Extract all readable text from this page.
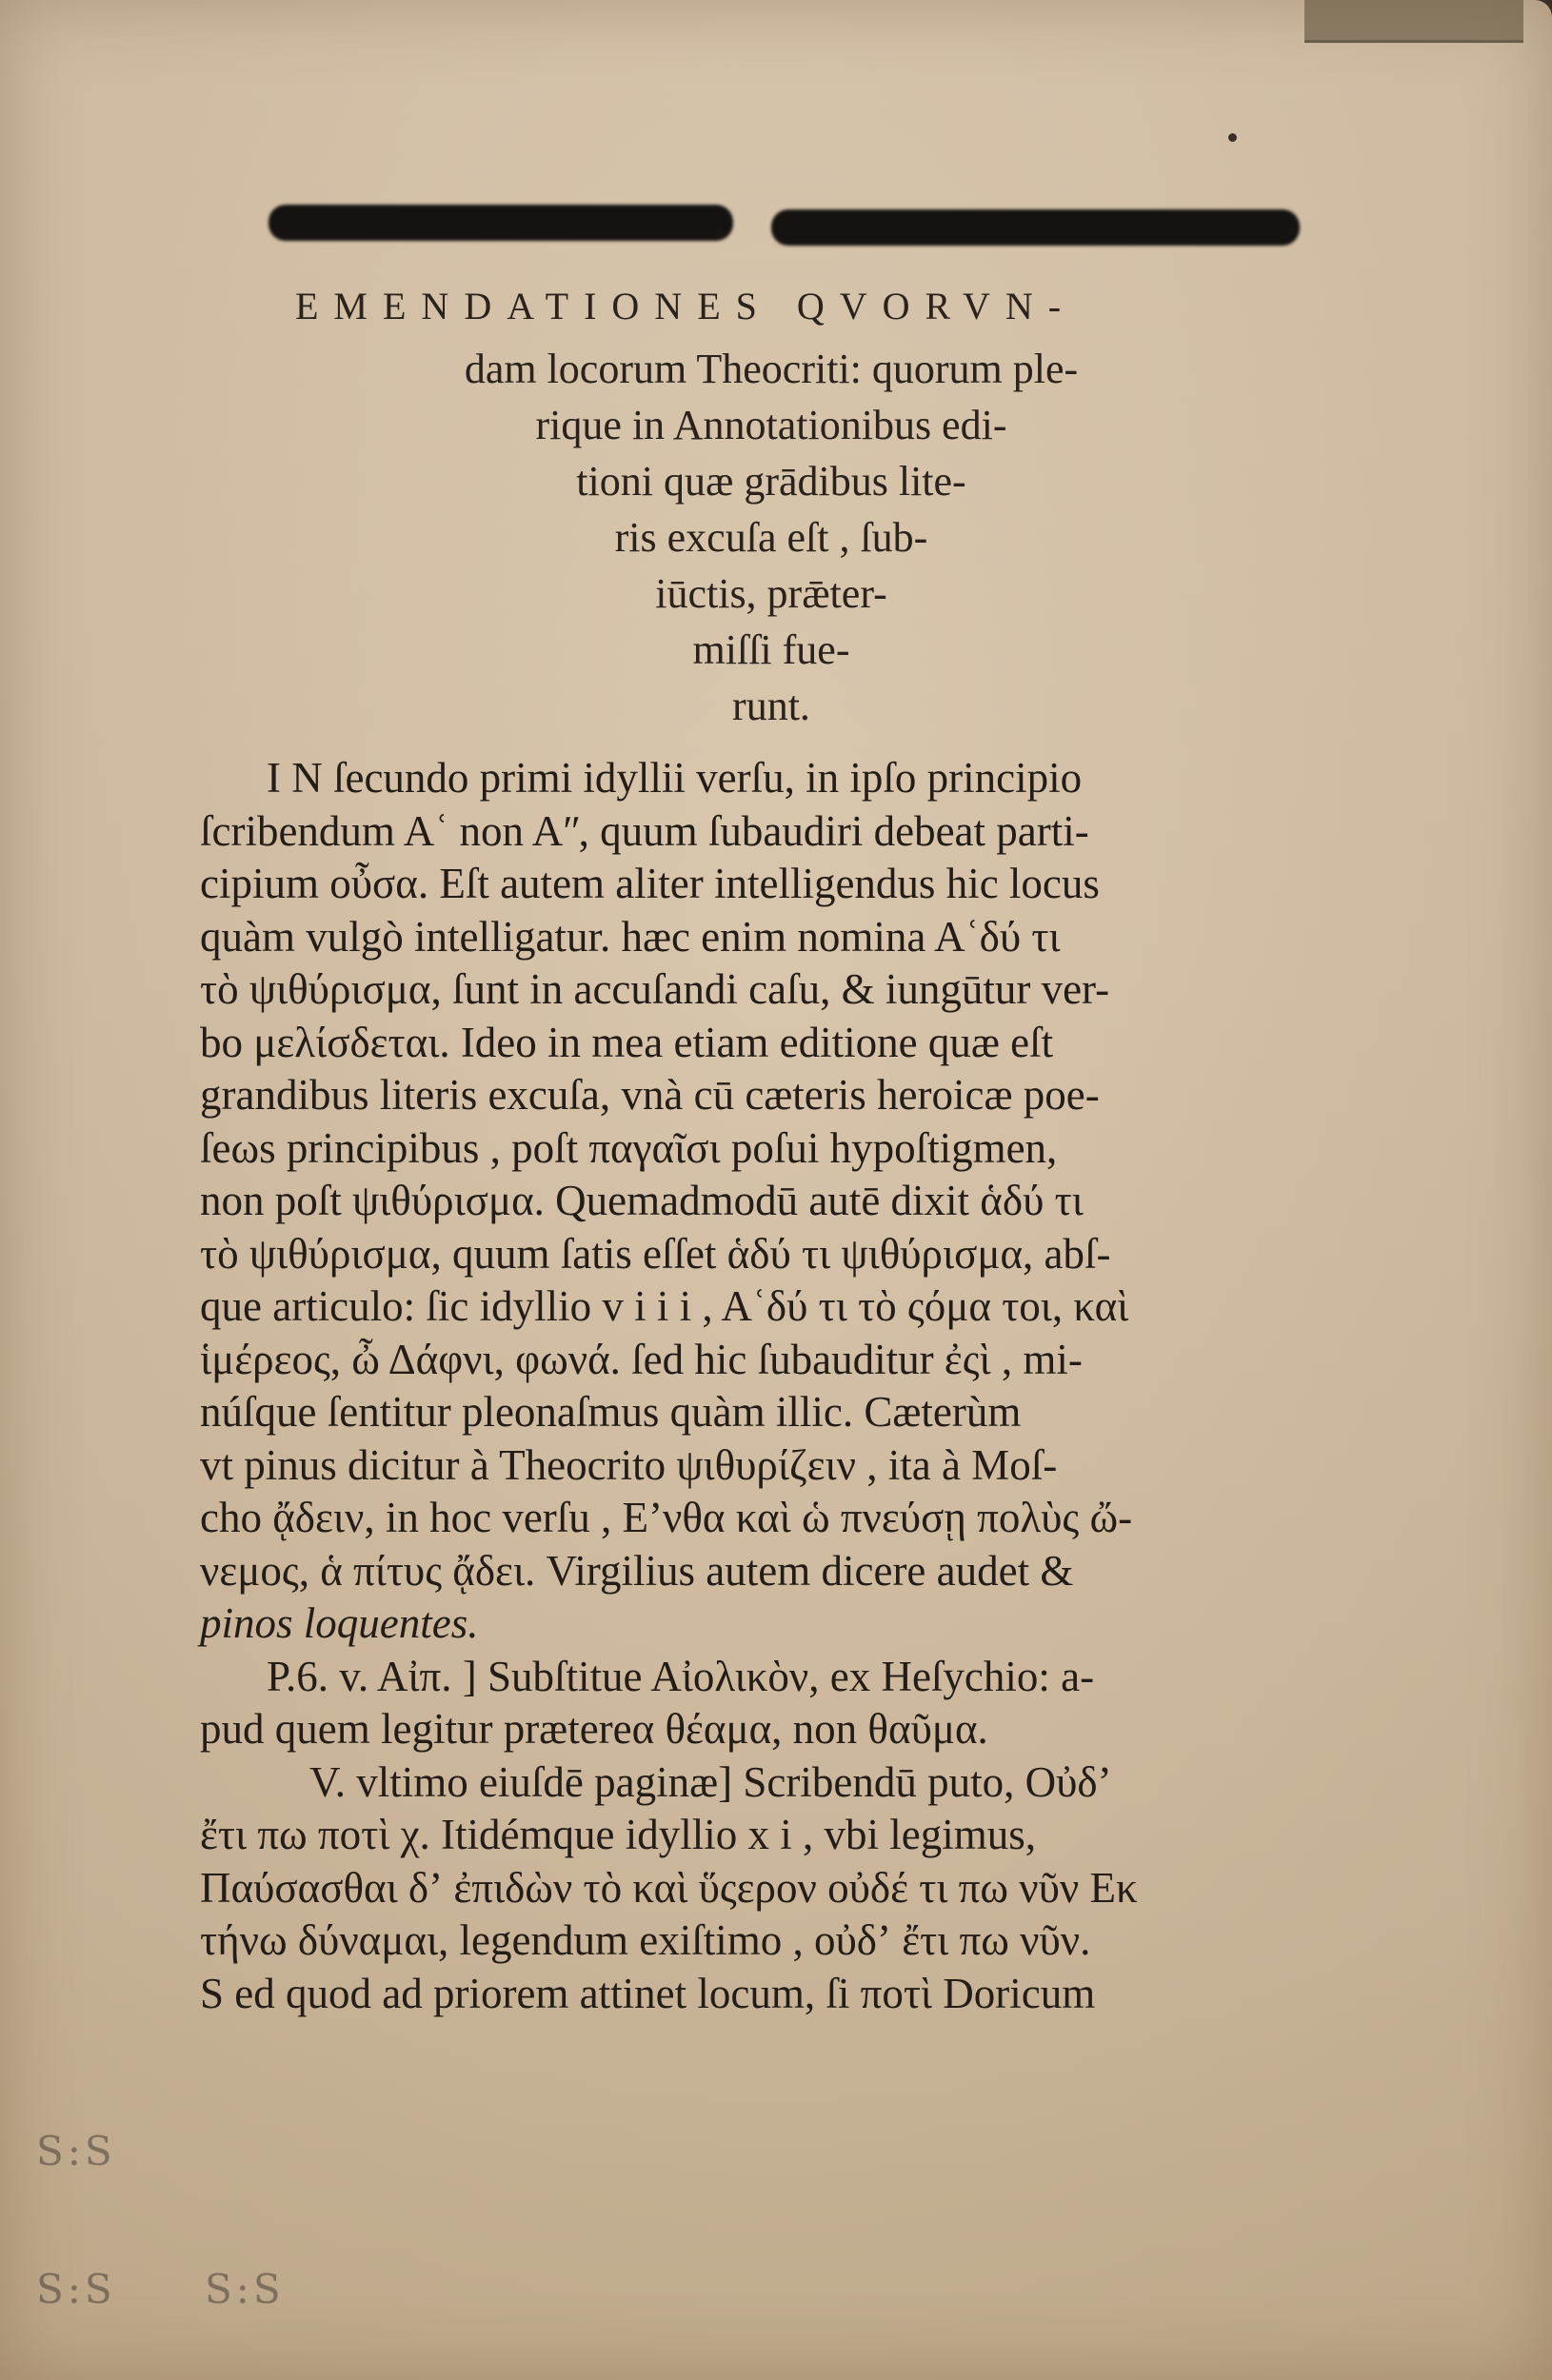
EMENDATIONES QVORVN-
dam locorum Theocriti: quorum ple-
rique in Annotationibus edi-
tioni quæ grādibus lite-
ris excuſa eſt , ſub-
iūctis, prǣter-
miſſi fue-
runt.
I N ſecundo primi idyllii verſu, in ipſo principio
ſcribendum Aʿ non Aʺ, quum ſubaudiri debeat parti-
cipium οὖσα. Eſt autem aliter intelligendus hic locus
quàm vulgò intelligatur. hæc enim nomina Aʿδύ τι
τὸ ψιθύρισμα, ſunt in accuſandi caſu, & iungūtur ver-
bo μελίσδεται. Ideo in mea etiam editione quæ eſt
grandibus literis excuſa, vnà cū cæteris heroicæ poe-
ſeωs principibus , poſt παγαῖσι poſui hypoſtigmen,
non poſt ψιθύρισμα. Quemadmodū autē dixit ἁδύ τι
τὸ ψιθύρισμα, quum ſatis eſſet ἁδύ τι ψιθύρισμα, abſ-
que articulo: ſic idyllio v i i i , Aʿδύ τι τὸ ςόμα τοι, καὶ
ἱμέρεος, ὦ Δάφνι, φωνά. ſed hic ſubauditur ἐςὶ , mi-
núſque ſentitur pleonaſmus quàm illic. Cæterùm
vt pinus dicitur à Theocrito ψιθυρίζειν , ita à Moſ-
cho ᾄδειν, in hoc verſu , Eʼνθα καὶ ὡ πνεύσῃ πολὺς ὤ-
νεμος, ἁ πίτυς ᾄδει. Virgilius autem dicere audet &
pinos loquentes.
P.6. v. Aἰπ. ] Subſtitue Aἰολικὸν, ex Heſychio: a-
pud quem legitur prætereα θέαμα, non θαῦμα.
V. vltimo eiuſdē paginæ] Scribendū puto, Οὐδʼ
ἔτι πω ποτὶ χ. Itidémque idyllio x i , vbi legimus,
Παύσασθαι δʼ ἐπιδὼν τὸ καὶ ὕςερον οὐδέ τι πω νῦν Eκ
τήνω δύναμαι, legendum exiſtimo , οὐδʼ ἔτι πω νῦν.
S ed quod ad priorem attinet locum, ſi ποτὶ Doricum
S:S
S:S S:S
